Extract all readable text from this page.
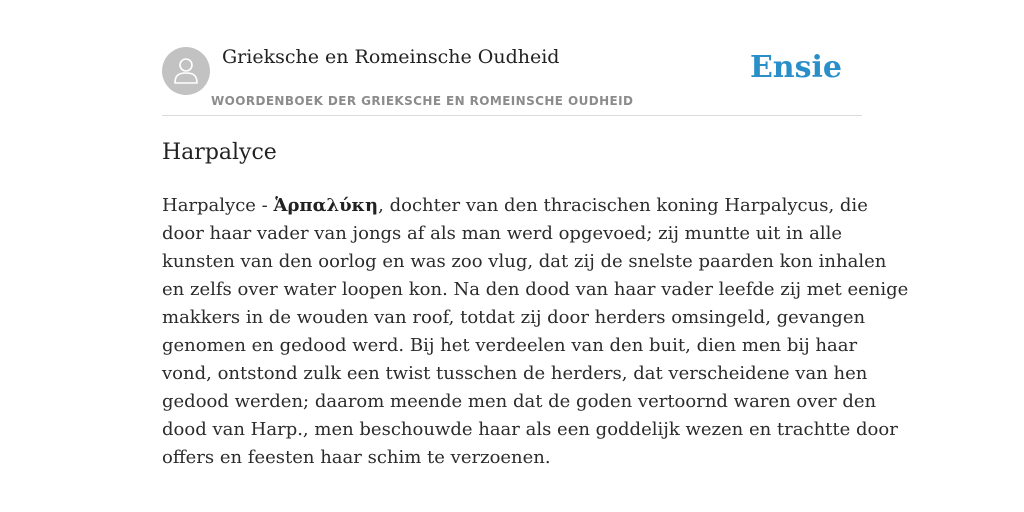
Grieksche en Romeinsche Oudheid
WOORDENBOEK DER GRIEKSCHE EN ROMEINSCHE OUDHEID
Ensie
Harpalyce
Harpalyce - Ἁρπαλύκη, dochter van den thracischen koning Harpalycus, die
door haar vader van jongs af als man werd opgevoed; zij muntte uit in alle
kunsten van den oorlog en was zoo vlug, dat zij de snelste paarden kon inhalen
en zelfs over water loopen kon. Na den dood van haar vader leefde zij met eenige
makkers in de wouden van roof, totdat zij door herders omsingeld, gevangen
genomen en gedood werd. Bij het verdeelen van den buit, dien men bij haar
vond, ontstond zulk een twist tusschen de herders, dat verscheidene van hen
gedood werden; daarom meende men dat de goden vertoornd waren over den
dood van Harp., men beschouwde haar als een goddelijk wezen en trachtte door
offers en feesten haar schim te verzoenen.
